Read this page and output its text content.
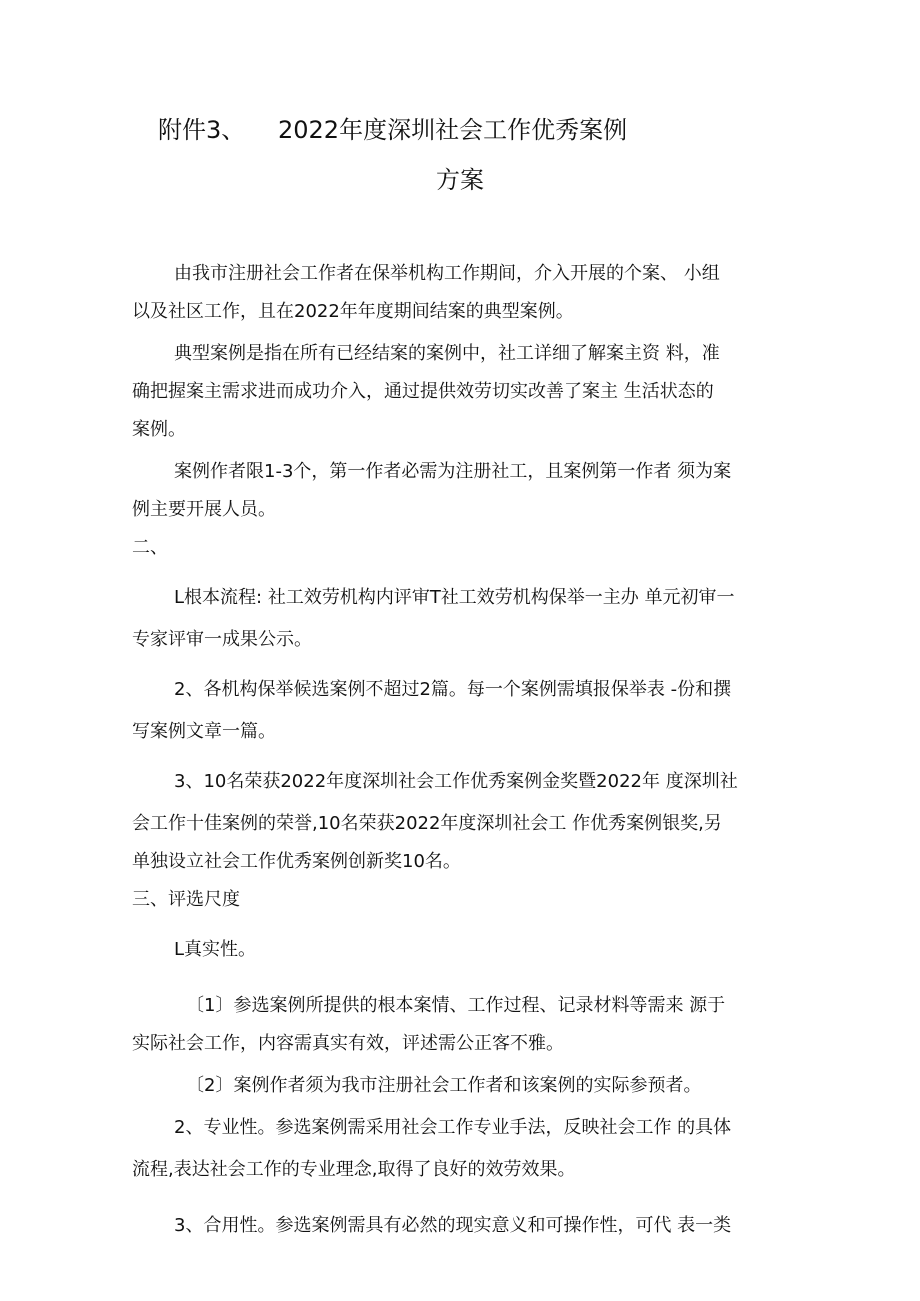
附件3、 2022年度深圳社会工作优秀案例
方案

由我市注册社会工作者在保举机构工作期间，介入开展的个案、 小组

以及社区工作，且在2022年年度期间结案的典型案例。

典型案例是指在所有已经结案的案例中，社工详细了解案主资 料，准

确把握案主需求进而成功介入，通过提供效劳切实改善了案主 生活状态的

案例。

案例作者限1-3个，第一作者必需为注册社工，且案例第一作者 须为案

例主要开展人员。

二、

L根本流程: 社工效劳机构内评审T社工效劳机构保举一主办 单元初审一

专家评审一成果公示。

2、各机构保举候选案例不超过2篇。每一个案例需填报保举表 -份和撰

写案例文章一篇。

3、10名荣获2022年度深圳社会工作优秀案例金奖暨2022年 度深圳社

会工作十佳案例的荣誉,10名荣获2022年度深圳社会工 作优秀案例银奖,另

单独设立社会工作优秀案例创新奖10名。

三、评选尺度

L真实性。

〔1〕参选案例所提供的根本案情、工作过程、记录材料等需来 源于

实际社会工作，内容需真实有效，评述需公正客不雅。

〔2〕案例作者须为我市注册社会工作者和该案例的实际参预者。

2、专业性。参选案例需采用社会工作专业手法，反映社会工作 的具体

流程,表达社会工作的专业理念,取得了良好的效劳效果。

3、合用性。参选案例需具有必然的现实意义和可操作性，可代 表一类
